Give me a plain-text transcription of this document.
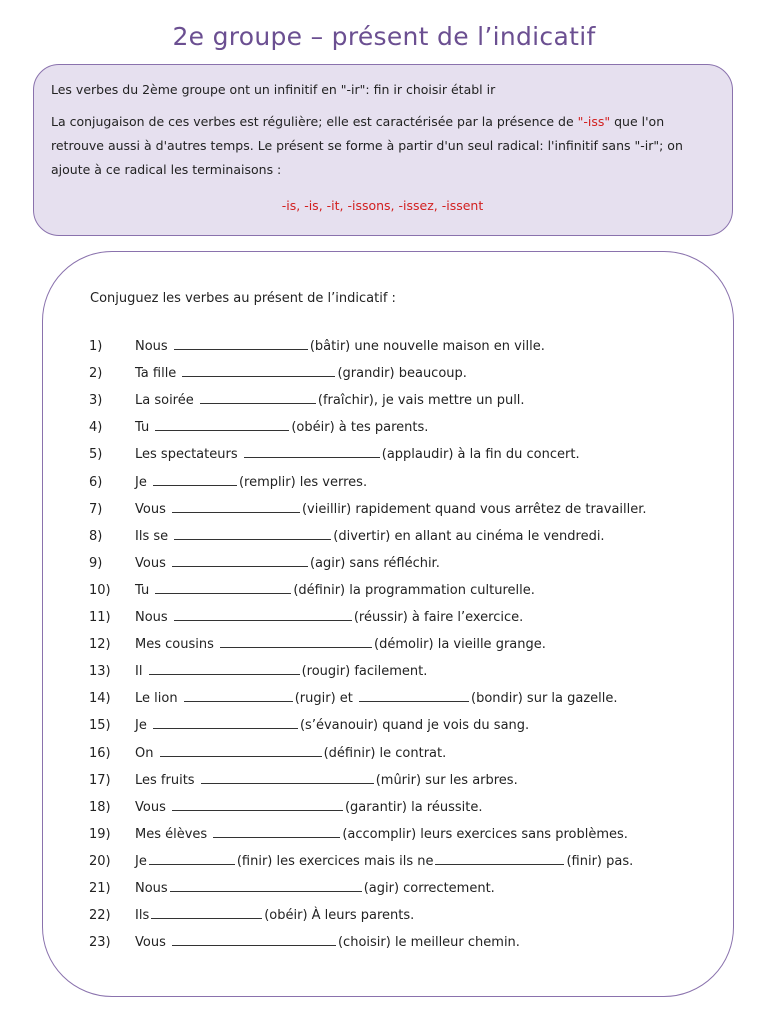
2e groupe – présent de l’indicatif

Les verbes du 2ème groupe ont un infinitif en "-ir": fin ir choisir établ ir

La conjugaison de ces verbes est régulière; elle est caractérisée par la présence de "-iss" que l'on retrouve aussi à d'autres temps. Le présent se forme à partir d'un seul radical: l'infinitif sans "-ir"; on ajoute à ce radical les terminaisons :

-is, -is, -it, -issons, -issez, -issent

Conjuguez les verbes au présent de l’indicatif :
1)	Nous	(bâtir) une nouvelle maison en ville.
2)	Ta fille	(grandir) beaucoup.
3)	La soirée	(fraîchir), je vais mettre un pull.
4)	Tu	(obéir) à tes parents.
5)	Les spectateurs	(applaudir) à la fin du concert.
6)	Je	(remplir) les verres.
7)	Vous	(vieillir) rapidement quand vous arrêtez de travailler.
8)	Ils se	(divertir) en allant au cinéma le vendredi.
9)	Vous	(agir) sans réfléchir.
10) Tu	(définir) la programmation culturelle.
11) Nous	(réussir) à faire l’exercice.
12) Mes cousins	(démolir) la vieille grange.
13) Il	(rougir) facilement.
14) Le lion	(rugir) et	(bondir) sur la gazelle.
15) Je	(s’évanouir) quand je vois du sang.
16) On	(définir) le contrat.
17) Les fruits	(mûrir) sur les arbres.
18) Vous	(garantir) la réussite.
19) Mes élèves	(accomplir) leurs exercices sans problèmes.
20) Je	(finir) les exercices mais ils ne	(finir) pas.
21) Nous	(agir) correctement.
22) Ils	(obéir) À leurs parents.
23) Vous	(choisir) le meilleur chemin.
